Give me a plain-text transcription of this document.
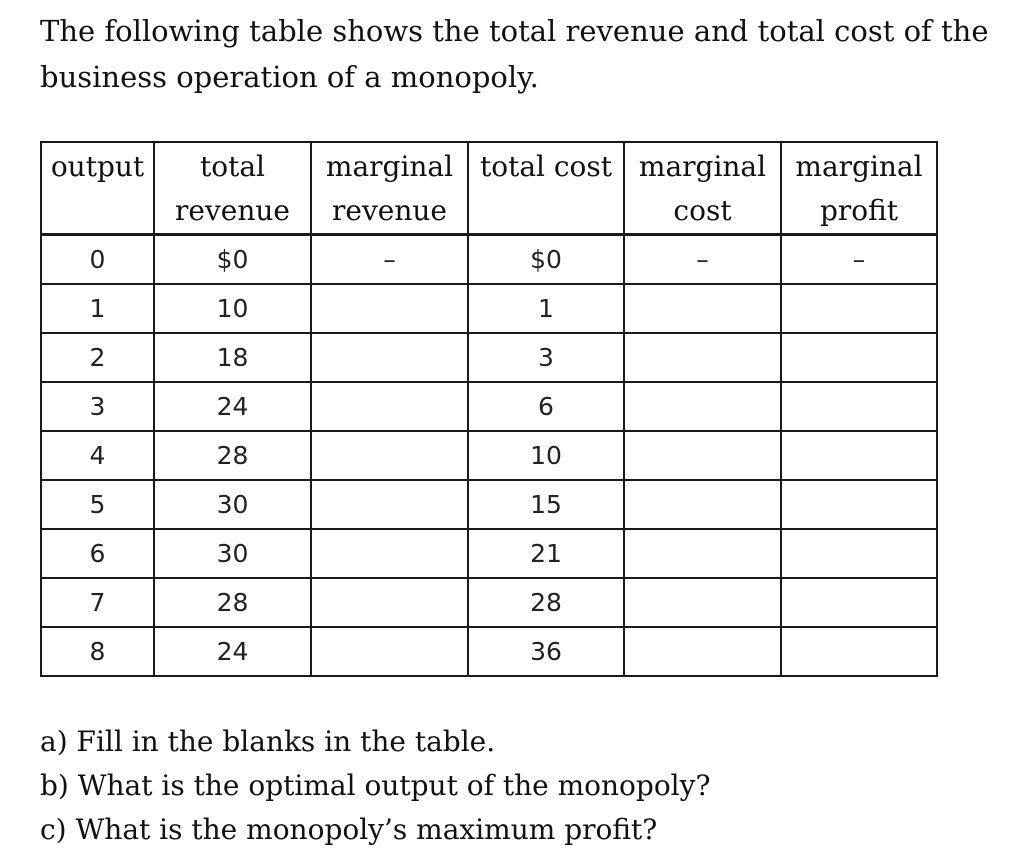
The following table shows the total revenue and total cost of the business operation of a monopoly.

output	total revenue	marginal revenue	total cost	marginal cost	marginal profit
0	$0	–	$0	–	–
1	10		1		
2	18		3		
3	24		6		
4	28		10		
5	30		15		
6	30		21		
7	28		28		
8	24		36		
a) Fill in the blanks in the table.
b) What is the optimal output of the monopoly?
c) What is the monopoly’s maximum profit?
